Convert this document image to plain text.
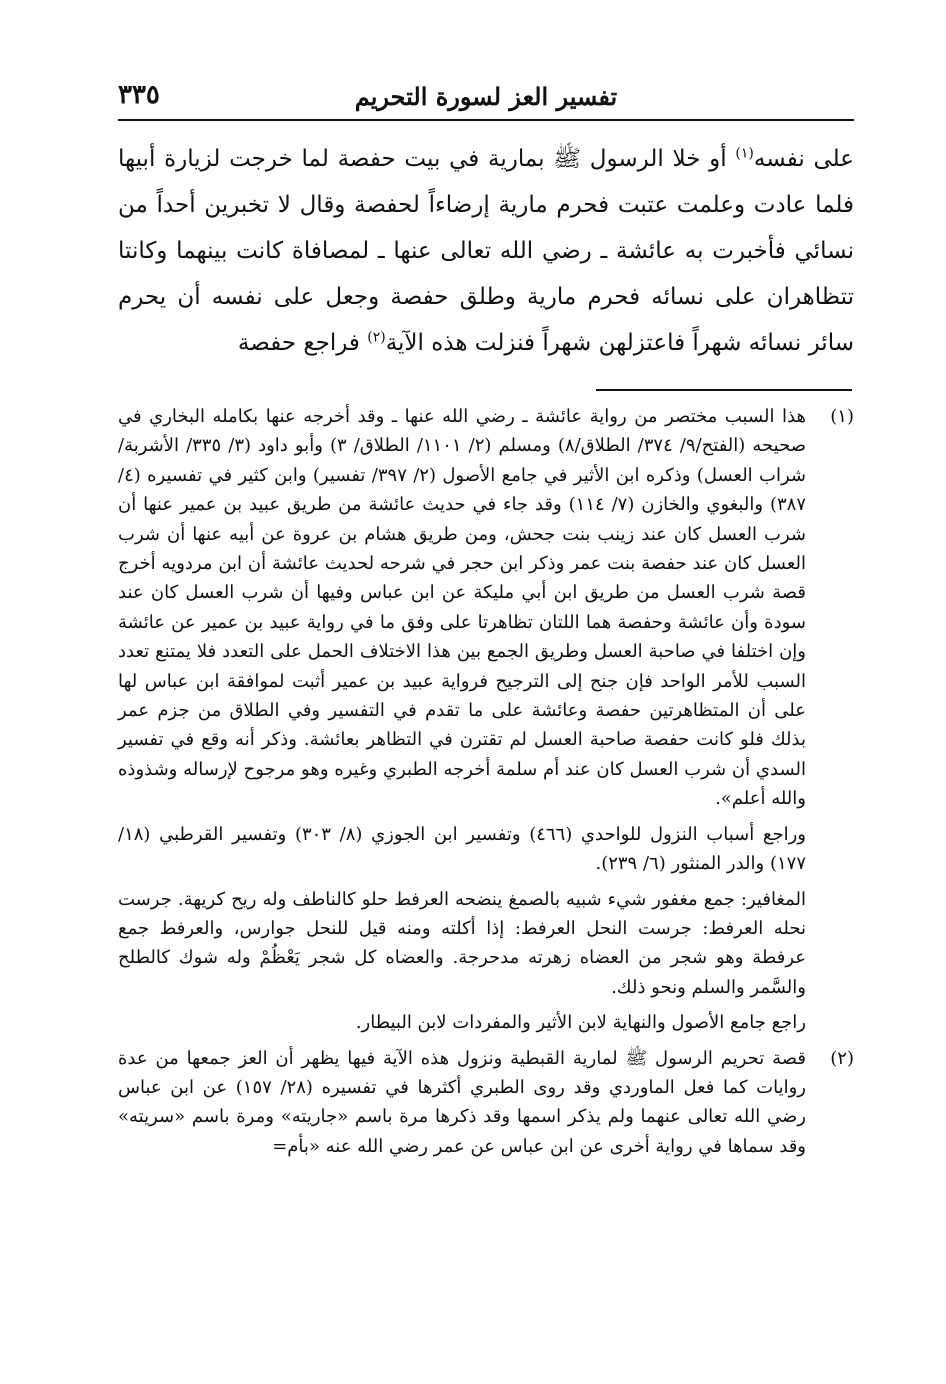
تفسير العز لسورة التحريم
٣٣٥

على نفسه$^{(١)}$ أو خلا الرسول ﷺ بمارية في بيت حفصة لما خرجت لزيارة أبيها فلما عادت وعلمت عتبت فحرم مارية إرضاءاً لحفصة وقال لا تخبرين أحداً من نسائي فأخبرت به عائشة ـ رضي الله تعالى عنها ـ لمصافاة كانت بينهما وكانتا تتظاهران على نسائه فحرم مارية وطلق حفصة وجعل على نفسه أن يحرم سائر نسائه شهراً فاعتزلهن شهراً فنزلت هذه الآية$^{(٢)}$ فراجع حفصة

(١)

هذا السبب مختصر من رواية عائشة ـ رضي الله عنها ـ وقد أخرجه عنها بكامله البخاري في صحيحه (الفتح/٩/ ٣٧٤/ الطلاق/٨) ومسلم (٢/ ١١٠١/ الطلاق/ ٣) وأبو داود (٣/ ٣٣٥/ الأشربة/ شراب العسل) وذكره ابن الأثير في جامع الأصول (٢/ ٣٩٧/ تفسير) وابن كثير في تفسيره (٤/ ٣٨٧) والبغوي والخازن (٧/ ١١٤) وقد جاء في حديث عائشة من طريق عبيد بن عمير عنها أن شرب العسل كان عند زينب بنت جحش، ومن طريق هشام بن عروة عن أبيه عنها أن شرب العسل كان عند حفصة بنت عمر وذكر ابن حجر في شرحه لحديث عائشة أن ابن مردويه أخرج قصة شرب العسل من طريق ابن أبي مليكة عن ابن عباس وفيها أن شرب العسل كان عند سودة وأن عائشة وحفصة هما اللتان تظاهرتا على وفق ما في رواية عبيد بن عمير عن عائشة وإن اختلفا في صاحبة العسل وطريق الجمع بين هذا الاختلاف الحمل على التعدد فلا يمتنع تعدد السبب للأمر الواحد فإن جنح إلى الترجيح فرواية عبيد بن عمير أثبت لموافقة ابن عباس لها على أن المتظاهرتين حفصة وعائشة على ما تقدم في التفسير وفي الطلاق من جزم عمر بذلك فلو كانت حفصة صاحبة العسل لم تقترن في التظاهر بعائشة. وذكر أنه وقع في تفسير السدي أن شرب العسل كان عند أم سلمة أخرجه الطبري وغيره وهو مرجوح لإرساله وشذوذه والله أعلم».

وراجع أسباب النزول للواحدي (٤٦٦) وتفسير ابن الجوزي (٨/ ٣٠٣) وتفسير القرطبي (١٨/ ١٧٧) والدر المنثور (٦/ ٢٣٩).

المغافير: جمع مغفور شيء شبيه بالصمغ ينضحه العرفط حلو كالناطف وله ريح كريهة. جرست نحله العرفط: جرست النحل العرفط: إذا أكلته ومنه قيل للنحل جوارس، والعرفط جمع عرفطة وهو شجر من العضاه زهرته مدحرجة. والعضاه كل شجر يَعْظُمْ وله شوك كالطلح والسَّمر والسلم ونحو ذلك.

راجع جامع الأصول والنهاية لابن الأثير والمفردات لابن البيطار.

(٢)

قصة تحريم الرسول ﷺ لمارية القبطية ونزول هذه الآية فيها يظهر أن العز جمعها من عدة روايات كما فعل الماوردي وقد روى الطبري أكثرها في تفسيره (٢٨/ ١٥٧) عن ابن عباس رضي الله تعالى عنهما ولم يذكر اسمها وقد ذكرها مرة باسم «جاريته» ومرة باسم «سريته» وقد سماها في رواية أخرى عن ابن عباس عن عمر رضي الله عنه «بأم=
